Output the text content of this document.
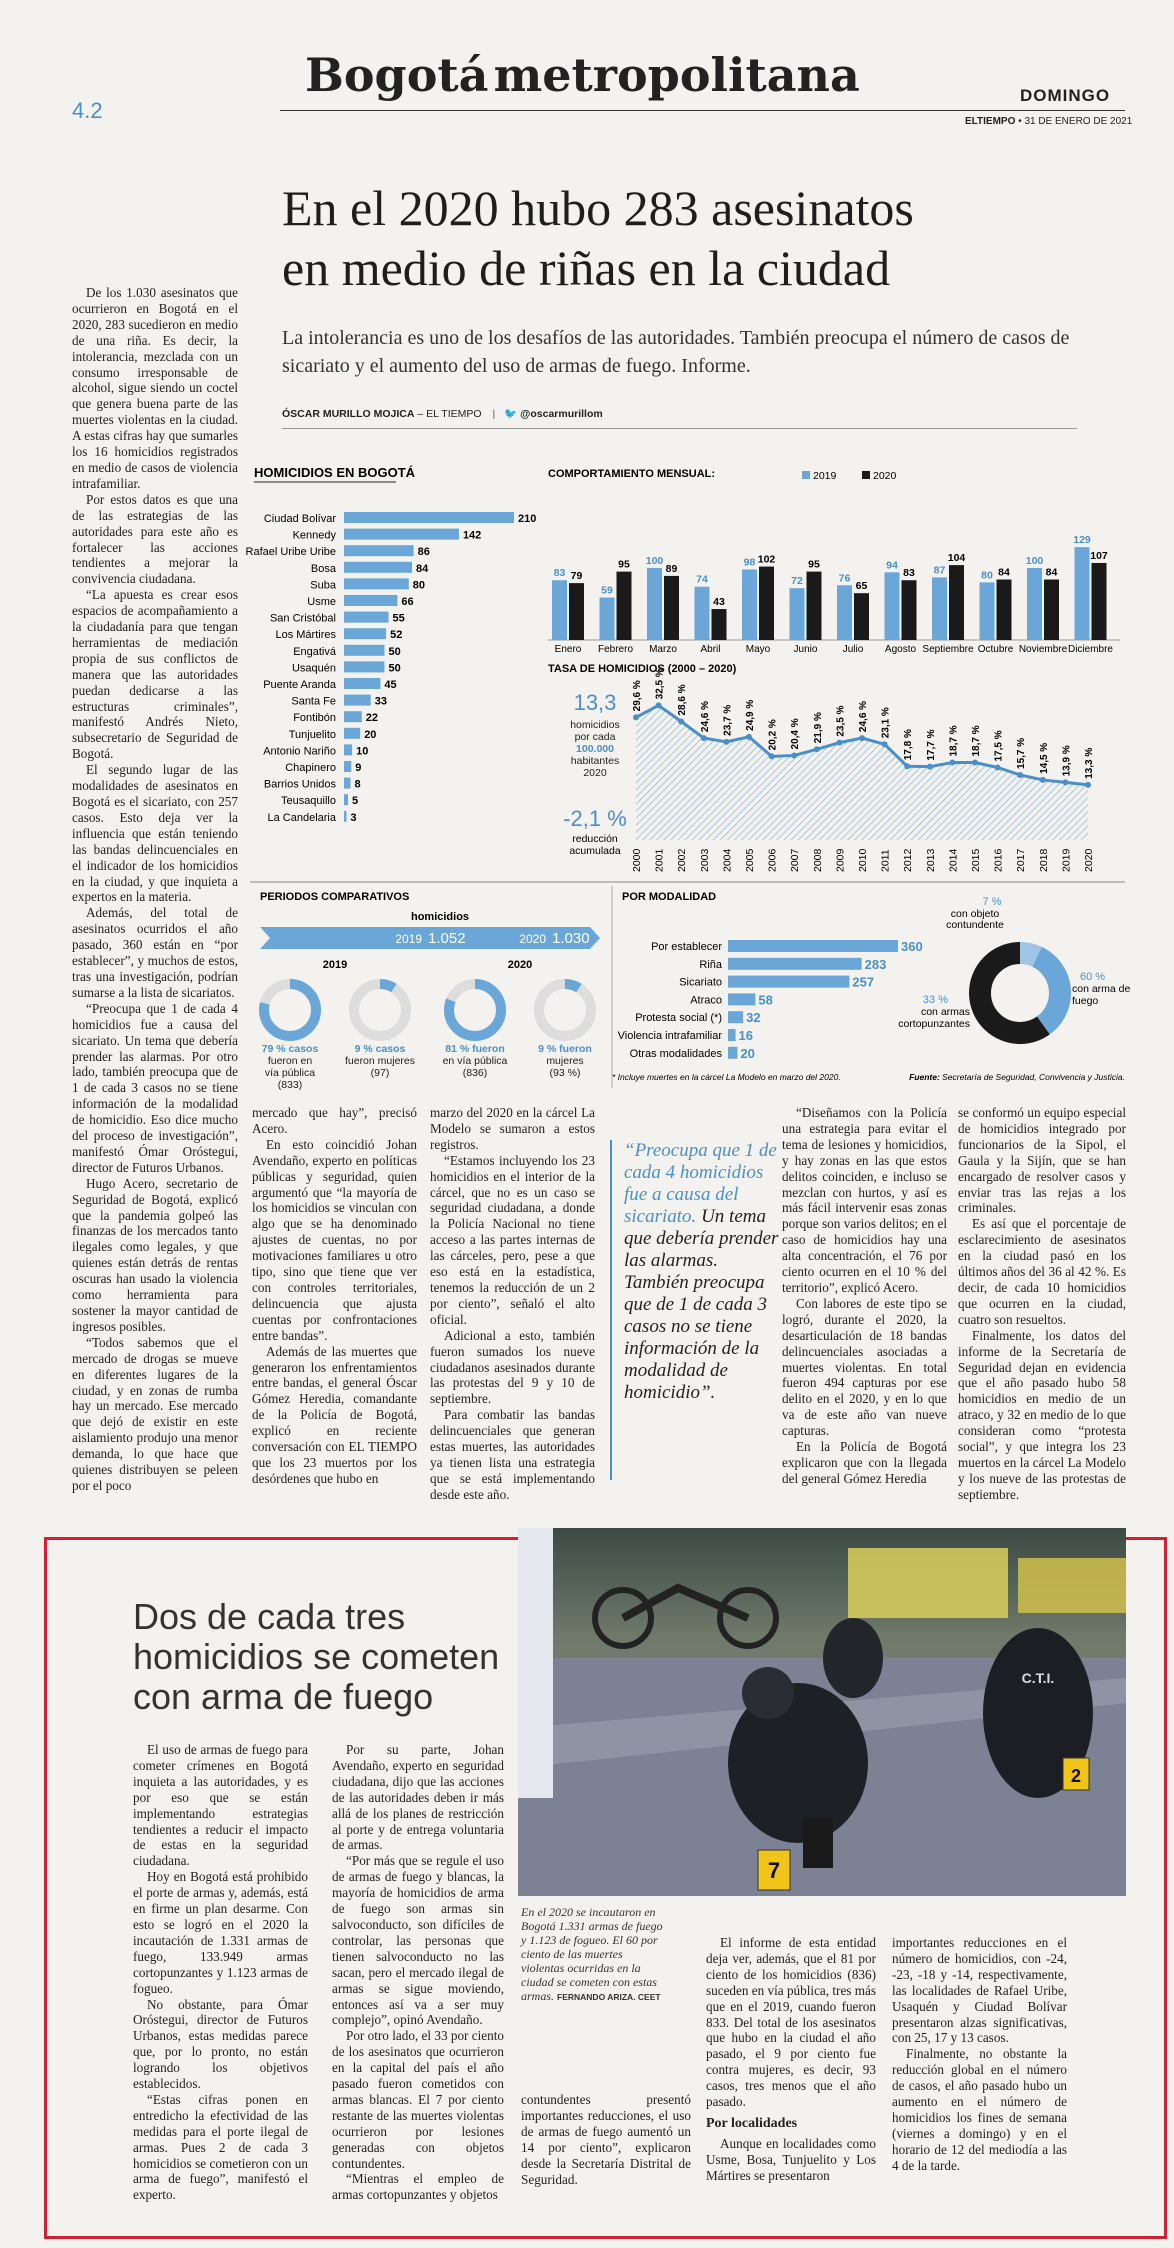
4.2
Bogotá metropolitana	DOMINGO
ELTIEMPO • 31 DE ENERO DE 2021
En el 2020 hubo 283 asesinatos
en medio de riñas en la ciudad
La intolerancia es uno de los desafíos de las autoridades. También preocupa el número de casos de sicariato y el aumento del uso de armas de fuego. Informe.
ÓSCAR MURILLO MOJICA – EL TIEMPO | 🐦 @oscarmurillom

De los 1.030 asesinatos que ocurrieron en Bogotá en el 2020, 283 sucedieron en medio de una riña. Es decir, la intolerancia, mezclada con un consumo irresponsable de alcohol, sigue siendo un coctel que genera buena parte de las muertes violentas en la ciudad. A estas cifras hay que sumarles los 16 homicidios registrados en medio de casos de violencia intrafamiliar.

Por estos datos es que una de las estrategias de las autoridades para este año es fortalecer las acciones tendientes a mejorar la convivencia ciudadana.

“La apuesta es crear esos espacios de acompañamiento a la ciudadanía para que tengan herramientas de mediación propia de sus conflictos de manera que las autoridades puedan dedicarse a las estructuras criminales”, manifestó Andrés Nieto, subsecretario de Seguridad de Bogotá.

El segundo lugar de las modalidades de asesinatos en Bogotá es el sicariato, con 257 casos. Esto deja ver la influencia que están teniendo las bandas delincuenciales en el indicador de los homicidios en la ciudad, y que inquieta a expertos en la materia.

Además, del total de asesinatos ocurridos el año pasado, 360 están en “por establecer”, y muchos de estos, tras una investigación, podrían sumarse a la lista de sicariatos.

“Preocupa que 1 de cada 4 homicidios fue a causa del sicariato. Un tema que debería prender las alarmas. Por otro lado, también preocupa que de 1 de cada 3 casos no se tiene información de la modalidad de homicidio. Eso dice mucho del proceso de investigación”, manifestó Ómar Oróstegui, director de Futuros Urbanos.

Hugo Acero, secretario de Seguridad de Bogotá, explicó que la pandemia golpeó las finanzas de los mercados tanto ilegales como legales, y que quienes están detrás de rentas oscuras han usado la violencia como herramienta para sostener la mayor cantidad de ingresos posibles.

“Todos sabemos que el mercado de drogas se mueve en diferentes lugares de la ciudad, y en zonas de rumba hay un mercado. Ese mercado que dejó de existir en este aislamiento produjo una menor demanda, lo que hace que quienes distribuyen se peleen por el poco

HOMICIDIOS EN BOGOTÁ
Ciudad Bolívar	210
Kennedy	142
Rafael Uribe Uribe	86
Bosa	84
Suba	80
Usme	66
San Cristóbal	55
Los Mártires	52
Engativá	50
Usaquén	50
Puente Aranda	45
Santa Fe	33
Fontibón	22
Tunjuelito	20
Antonio Nariño 10
Chapinero 9
Barrios Unidos 8
Teusaquillo 5
La Candelaria 3
COMPORTAMIENTO MENSUAL:	2019	2020
83 79
Enero
59
95
Febrero
100
89
Marzo
74
43
Abril
98 102
Mayo
72
95
Junio
76
65
Julio
94
83
Agosto
87
104
Septiembre
80 84
Octubre
100
84
Noviembre
129
107
Diciembre
TASA DE HOMICIDIOS (2000 – 2020)
13,3
homicidios
por cada
100.000
habitantes
2020
-2,1 %
reducción
acumulada
29,6 %
2000
32,5 %
2001
28,6 %
2002
24,6 %
2003
23,7 %
2004
24,9 %
2005
20,2 %
2006
20,4 %
2007
21,9 %
2008
23,5 %
2009
24,6 %
2010
23,1 %
2011
17,8 %
2012
17,7 %
2013
18,7 %
2014
18,7 %
2015
17,5 %
2016
15,7 %
2017
14,5 %
2018
13,9 %
2019
13,3 %
2020
PERIODOS COMPARATIVOS
homicidios
2019 1.052	2020 1.030
2019	2020
79 % casos
fueron en
vía pública
(833)
9 % casos
fueron mujeres
(97)
81 % fueron
en vía pública
(836)
9 % fueron
mujeres
(93 %)
POR MODALIDAD
Por establecer	360
Riña	283
Sicariato	257
Atraco	58
Protesta social (*) 32
Violencia intrafamiliar 16
Otras modalidades 20
* Incluye muertes en la cárcel La Modelo en marzo del 2020.
7 %
con objeto
contundente
33 %
con armas
cortopunzantes
60 %
con arma de
fuego
Fuente: Secretaría de Seguridad, Convivencia y Justicia.

mercado que hay”, precisó Acero.

En esto coincidió Johan Avendaño, experto en políticas públicas y seguridad, quien argumentó que “la mayoría de los homicidios se vinculan con algo que se ha denominado ajustes de cuentas, no por motivaciones familiares u otro tipo, sino que tiene que ver con controles territoriales, delincuencia que ajusta cuentas por confrontaciones entre bandas”.

Además de las muertes que generaron los enfrentamientos entre bandas, el general Óscar Gómez Heredia, comandante de la Policía de Bogotá, explicó en reciente conversación con EL TIEMPO que los 23 muertos por los desórdenes que hubo en

marzo del 2020 en la cárcel La Modelo se sumaron a estos registros.

“Estamos incluyendo los 23 homicidios en el interior de la cárcel, que no es un caso se seguridad ciudadana, a donde la Policía Nacional no tiene acceso a las partes internas de las cárceles, pero, pese a que eso está en la estadística, tenemos la reducción de un 2 por ciento”, señaló el alto oficial.

Adicional a esto, también fueron sumados los nueve ciudadanos asesinados durante las protestas del 9 y 10 de septiembre.

Para combatir las bandas delincuenciales que generan estas muertes, las autoridades ya tienen lista una estrategia que se está implementando desde este año.

“Preocupa que 1 de cada 4 homicidios fue a causa del sicariato. Un tema que debería prender las alarmas. También preocupa que de 1 de cada 3 casos no se tiene información de la modalidad de homicidio”.

“Diseñamos con la Policía una estrategia para evitar el tema de lesiones y homicidios, y hay zonas en las que estos delitos coinciden, e incluso se mezclan con hurtos, y así es más fácil intervenir esas zonas porque son varios delitos; en el caso de homicidios hay una alta concentración, el 76 por ciento ocurren en el 10 % del territorio”, explicó Acero.

Con labores de este tipo se logró, durante el 2020, la desarticulación de 18 bandas delincuenciales asociadas a muertes violentas. En total fueron 494 capturas por ese delito en el 2020, y en lo que va de este año van nueve capturas.

En la Policía de Bogotá explicaron que con la llegada del general Gómez Heredia

se conformó un equipo especial de homicidios integrado por funcionarios de la Sipol, el Gaula y la Sijín, que se han encargado de resolver casos y enviar tras las rejas a los criminales.

Es así que el porcentaje de esclarecimiento de asesinatos en la ciudad pasó en los últimos años del 36 al 42 %. Es decir, de cada 10 homicidios que ocurren en la ciudad, cuatro son resueltos.

Finalmente, los datos del informe de la Secretaría de Seguridad dejan en evidencia que el año pasado hubo 58 homicidios en medio de un atraco, y 32 en medio de lo que consideran como “protesta social”, y que integra los 23 muertos en la cárcel La Modelo y los nueve de las protestas de septiembre.

Dos de cada tres homicidios se cometen con arma de fuego	C.T.I.
7
2
En el 2020 se incautaron en Bogotá 1.331 armas de fuego y 1.123 de fogueo. El 60 por ciento de las muertes violentas ocurridas en la ciudad se cometen con estas armas. FERNANDO ARIZA. CEET

El uso de armas de fuego para cometer crímenes en Bogotá inquieta a las autoridades, y es por eso que se están implementando estrategias tendientes a reducir el impacto de estas en la seguridad ciudadana.

Hoy en Bogotá está prohibido el porte de armas y, además, está en firme un plan desarme. Con esto se logró en el 2020 la incautación de 1.331 armas de fuego, 133.949 armas cortopunzantes y 1.123 armas de fogueo.

No obstante, para Ómar Oróstegui, director de Futuros Urbanos, estas medidas parece que, por lo pronto, no están logrando los objetivos establecidos.

“Estas cifras ponen en entredicho la efectividad de las medidas para el porte ilegal de armas. Pues 2 de cada 3 homicidios se cometieron con un arma de fuego”, manifestó el experto.

Por su parte, Johan Avendaño, experto en seguridad ciudadana, dijo que las acciones de las autoridades deben ir más allá de los planes de restricción al porte y de entrega voluntaria de armas.

“Por más que se regule el uso de armas de fuego y blancas, la mayoría de homicidios de arma de fuego son armas sin salvoconducto, son difíciles de controlar, las personas que tienen salvoconducto no las sacan, pero el mercado ilegal de armas se sigue moviendo, entonces así va a ser muy complejo”, opinó Avendaño.

Por otro lado, el 33 por ciento de los asesinatos que ocurrieron en la capital del país el año pasado fueron cometidos con armas blancas. El 7 por ciento restante de las muertes violentas ocurrieron por lesiones generadas con objetos contundentes.

“Mientras el empleo de armas cortopunzantes y objetos

contundentes presentó importantes reducciones, el uso de armas de fuego aumentó un 14 por ciento”, explicaron desde la Secretaría Distrital de Seguridad.

El informe de esta entidad deja ver, además, que el 81 por ciento de los homicidios (836) suceden en vía pública, tres más que en el 2019, cuando fueron 833. Del total de los asesinatos que hubo en la ciudad el año pasado, el 9 por ciento fue contra mujeres, es decir, 93 casos, tres menos que el año pasado.

Por localidades

Aunque en localidades como Usme, Bosa, Tunjuelito y Los Mártires se presentaron

importantes reducciones en el número de homicidios, con -24, -23, -18 y -14, respectivamente, las localidades de Rafael Uribe, Usaquén y Ciudad Bolívar presentaron alzas significativas, con 25, 17 y 13 casos.

Finalmente, no obstante la reducción global en el número de casos, el año pasado hubo un aumento en el número de homicidios los fines de semana (viernes a domingo) y en el horario de 12 del mediodía a las 4 de la tarde.
